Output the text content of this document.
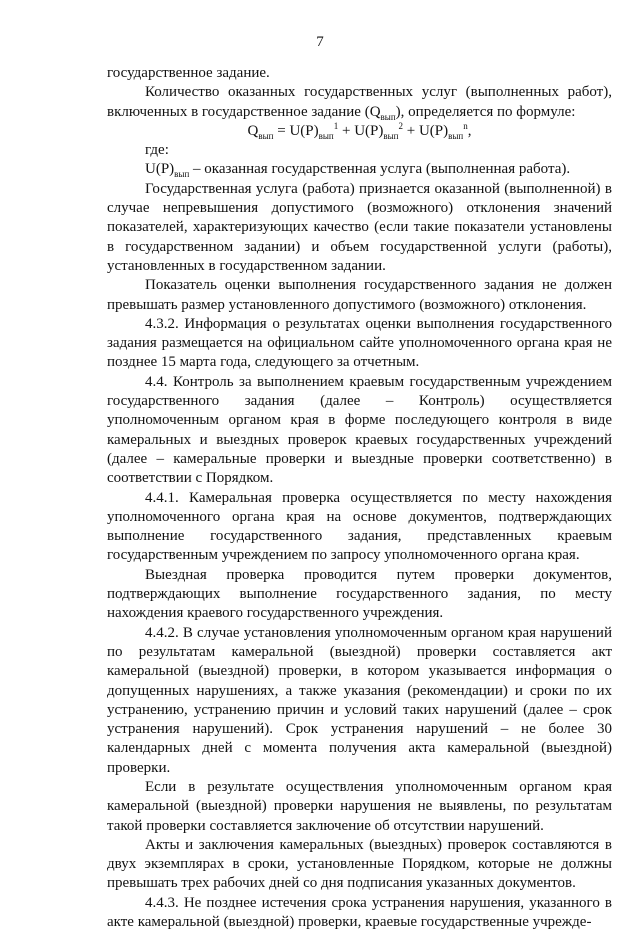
7

государственное задание.

Количество оказанных государственных услуг (выполненных работ), включенных в государственное задание $(Q_{вып})$, определяется по формуле:

$Q_{вып} = U(P)_{вып}^1 + U(P)_{вып}^2 + U(P)_{вып}^n$,

где:

$U(P)_{вып}$ – оказанная государственная услуга (выполненная работа).

Государственная услуга (работа) признается оказанной (выполненной) в случае непревышения допустимого (возможного) отклонения значений показателей, характеризующих качество (если такие показатели установлены в государственном задании) и объем государственной услуги (работы), установленных в государственном задании.

Показатель оценки выполнения государственного задания не должен превышать размер установленного допустимого (возможного) отклонения.

4.3.2. Информация о результатах оценки выполнения государственного задания размещается на официальном сайте уполномоченного органа края не позднее 15 марта года, следующего за отчетным.

4.4. Контроль за выполнением краевым государственным учреждением государственного задания (далее – Контроль) осуществляется уполномоченным органом края в форме последующего контроля в виде камеральных и выездных проверок краевых государственных учреждений (далее – камеральные проверки и выездные проверки соответственно) в соответствии с Порядком.

4.4.1. Камеральная проверка осуществляется по месту нахождения уполномоченного органа края на основе документов, подтверждающих выполнение государственного задания, представленных краевым государственным учреждением по запросу уполномоченного органа края.

Выездная проверка проводится путем проверки документов, подтверждающих выполнение государственного задания, по месту нахождения краевого государственного учреждения.

4.4.2. В случае установления уполномоченным органом края нарушений по результатам камеральной (выездной) проверки составляется акт камеральной (выездной) проверки, в котором указывается информация о допущенных нарушениях, а также указания (рекомендации) и сроки по их устранению, устранению причин и условий таких нарушений (далее – срок устранения нарушений). Срок устранения нарушений – не более 30 календарных дней с момента получения акта камеральной (выездной) проверки.

Если в результате осуществления уполномоченным органом края камеральной (выездной) проверки нарушения не выявлены, по результатам такой проверки составляется заключение об отсутствии нарушений.

Акты и заключения камеральных (выездных) проверок составляются в двух экземплярах в сроки, установленные Порядком, которые не должны превышать трех рабочих дней со дня подписания указанных документов.

4.4.3. Не позднее истечения срока устранения нарушения, указанного в акте камеральной (выездной) проверки, краевые государственные учрежде-
